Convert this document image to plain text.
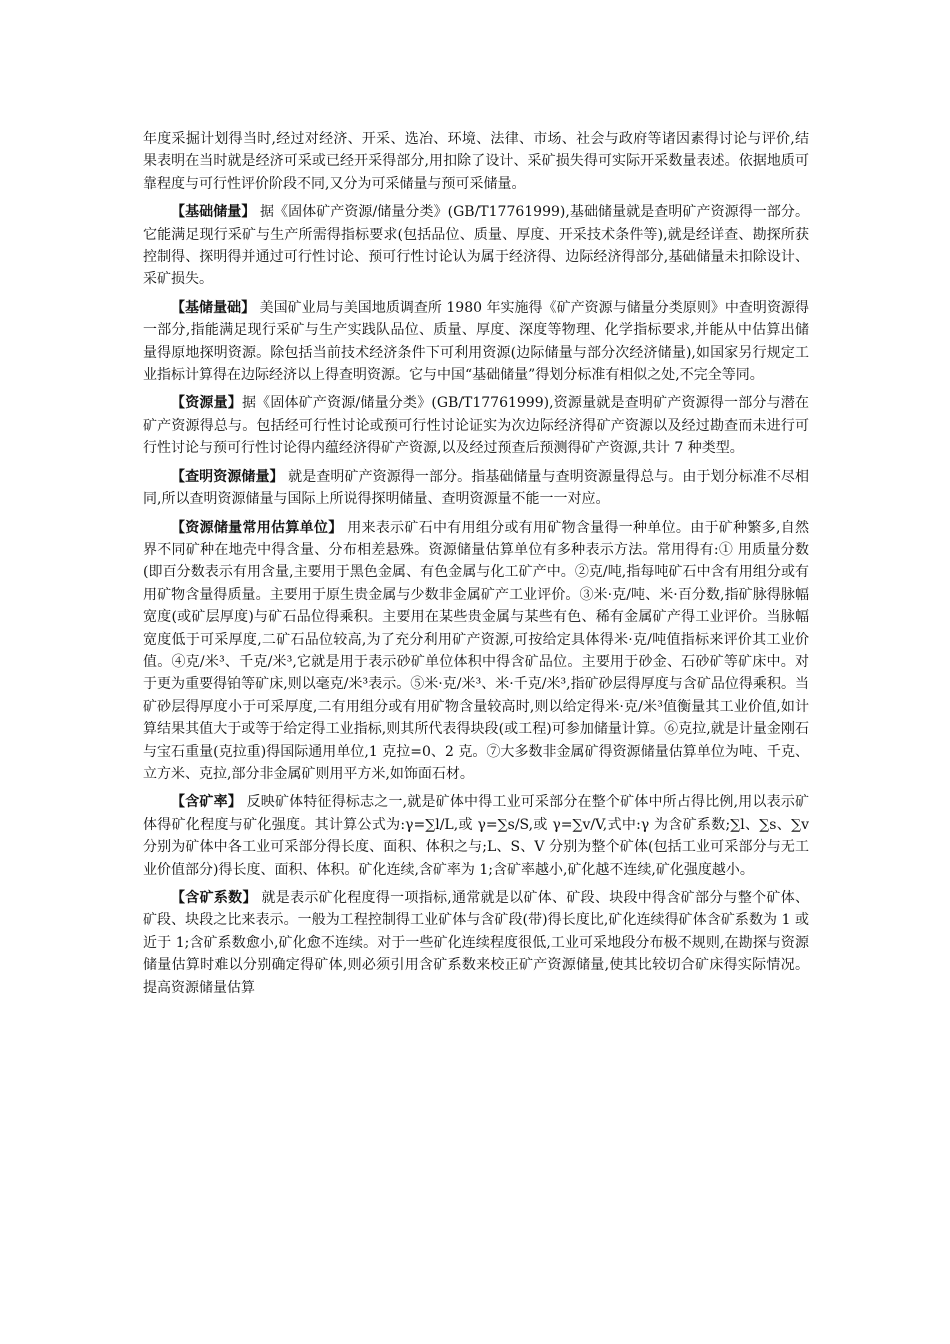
年度采掘计划得当时,经过对经济、开采、选冶、环境、法律、市场、社会与政府等诸因素得讨论与评价,结果表明在当时就是经济可采或已经开采得部分,用扣除了设计、采矿损失得可实际开采数量表述。依据地质可靠程度与可行性评价阶段不同,又分为可采储量与预可采储量。

【基础储量】 据《固体矿产资源/储量分类》(GB/T17761999),基础储量就是查明矿产资源得一部分。它能满足现行采矿与生产所需得指标要求(包括品位、质量、厚度、开采技术条件等),就是经详查、勘探所获控制得、探明得并通过可行性讨论、预可行性讨论认为属于经济得、边际经济得部分,基础储量未扣除设计、采矿损失。

【基储量础】 美国矿业局与美国地质调查所 1980 年实施得《矿产资源与储量分类原则》中查明资源得一部分,指能满足现行采矿与生产实践队品位、质量、厚度、深度等物理、化学指标要求,并能从中估算出储量得原地探明资源。除包括当前技术经济条件下可利用资源(边际储量与部分次经济储量),如国家另行规定工业指标计算得在边际经济以上得查明资源。它与中国“基础储量”得划分标准有相似之处,不完全等同。

【资源量】据《固体矿产资源/储量分类》(GB/T17761999),资源量就是查明矿产资源得一部分与潜在矿产资源得总与。包括经可行性讨论或预可行性讨论证实为次边际经济得矿产资源以及经过勘查而未进行可行性讨论与预可行性讨论得内蕴经济得矿产资源,以及经过预查后预测得矿产资源,共计 7 种类型。

【查明资源储量】 就是查明矿产资源得一部分。指基础储量与查明资源量得总与。由于划分标准不尽相同,所以查明资源储量与国际上所说得探明储量、查明资源量不能一一对应。

【资源储量常用估算单位】 用来表示矿石中有用组分或有用矿物含量得一种单位。由于矿种繁多,自然界不同矿种在地壳中得含量、分布相差悬殊。资源储量估算单位有多种表示方法。常用得有:① 用质量分数(即百分数表示有用含量,主要用于黑色金属、有色金属与化工矿产中。②克/吨,指每吨矿石中含有用组分或有用矿物含量得质量。主要用于原生贵金属与少数非金属矿产工业评价。③米·克/吨、米·百分数,指矿脉得脉幅宽度(或矿层厚度)与矿石品位得乘积。主要用在某些贵金属与某些有色、稀有金属矿产得工业评价。当脉幅宽度低于可采厚度,二矿石品位较高,为了充分利用矿产资源,可按给定具体得米·克/吨值指标来评价其工业价值。④克/米³、千克/米³,它就是用于表示砂矿单位体积中得含矿品位。主要用于砂金、石砂矿等矿床中。对于更为重要得铂等矿床,则以毫克/米³表示。⑤米·克/米³、米·千克/米³,指矿砂层得厚度与含矿品位得乘积。当矿砂层得厚度小于可采厚度,二有用组分或有用矿物含量较高时,则以给定得米·克/米³值衡量其工业价值,如计算结果其值大于或等于给定得工业指标,则其所代表得块段(或工程)可参加储量计算。⑥克拉,就是计量金刚石与宝石重量(克拉重)得国际通用单位,1 克拉=0、2 克。⑦大多数非金属矿得资源储量估算单位为吨、千克、立方米、克拉,部分非金属矿则用平方米,如饰面石材。

【含矿率】 反映矿体特征得标志之一,就是矿体中得工业可采部分在整个矿体中所占得比例,用以表示矿体得矿化程度与矿化强度。其计算公式为:γ=∑l/L,或 γ=∑s/S,或 γ=∑v/V,式中:γ 为含矿系数;∑l、∑s、∑v 分别为矿体中各工业可采部分得长度、面积、体积之与;L、S、V 分别为整个矿体(包括工业可采部分与无工业价值部分)得长度、面积、体积。矿化连续,含矿率为 1;含矿率越小,矿化越不连续,矿化强度越小。

【含矿系数】 就是表示矿化程度得一项指标,通常就是以矿体、矿段、块段中得含矿部分与整个矿体、矿段、块段之比来表示。一般为工程控制得工业矿体与含矿段(带)得长度比,矿化连续得矿体含矿系数为 1 或近于 1;含矿系数愈小,矿化愈不连续。对于一些矿化连续程度很低,工业可采地段分布极不规则,在勘探与资源储量估算时难以分别确定得矿体,则必须引用含矿系数来校正矿产资源储量,使其比较切合矿床得实际情况。提高资源储量估算
